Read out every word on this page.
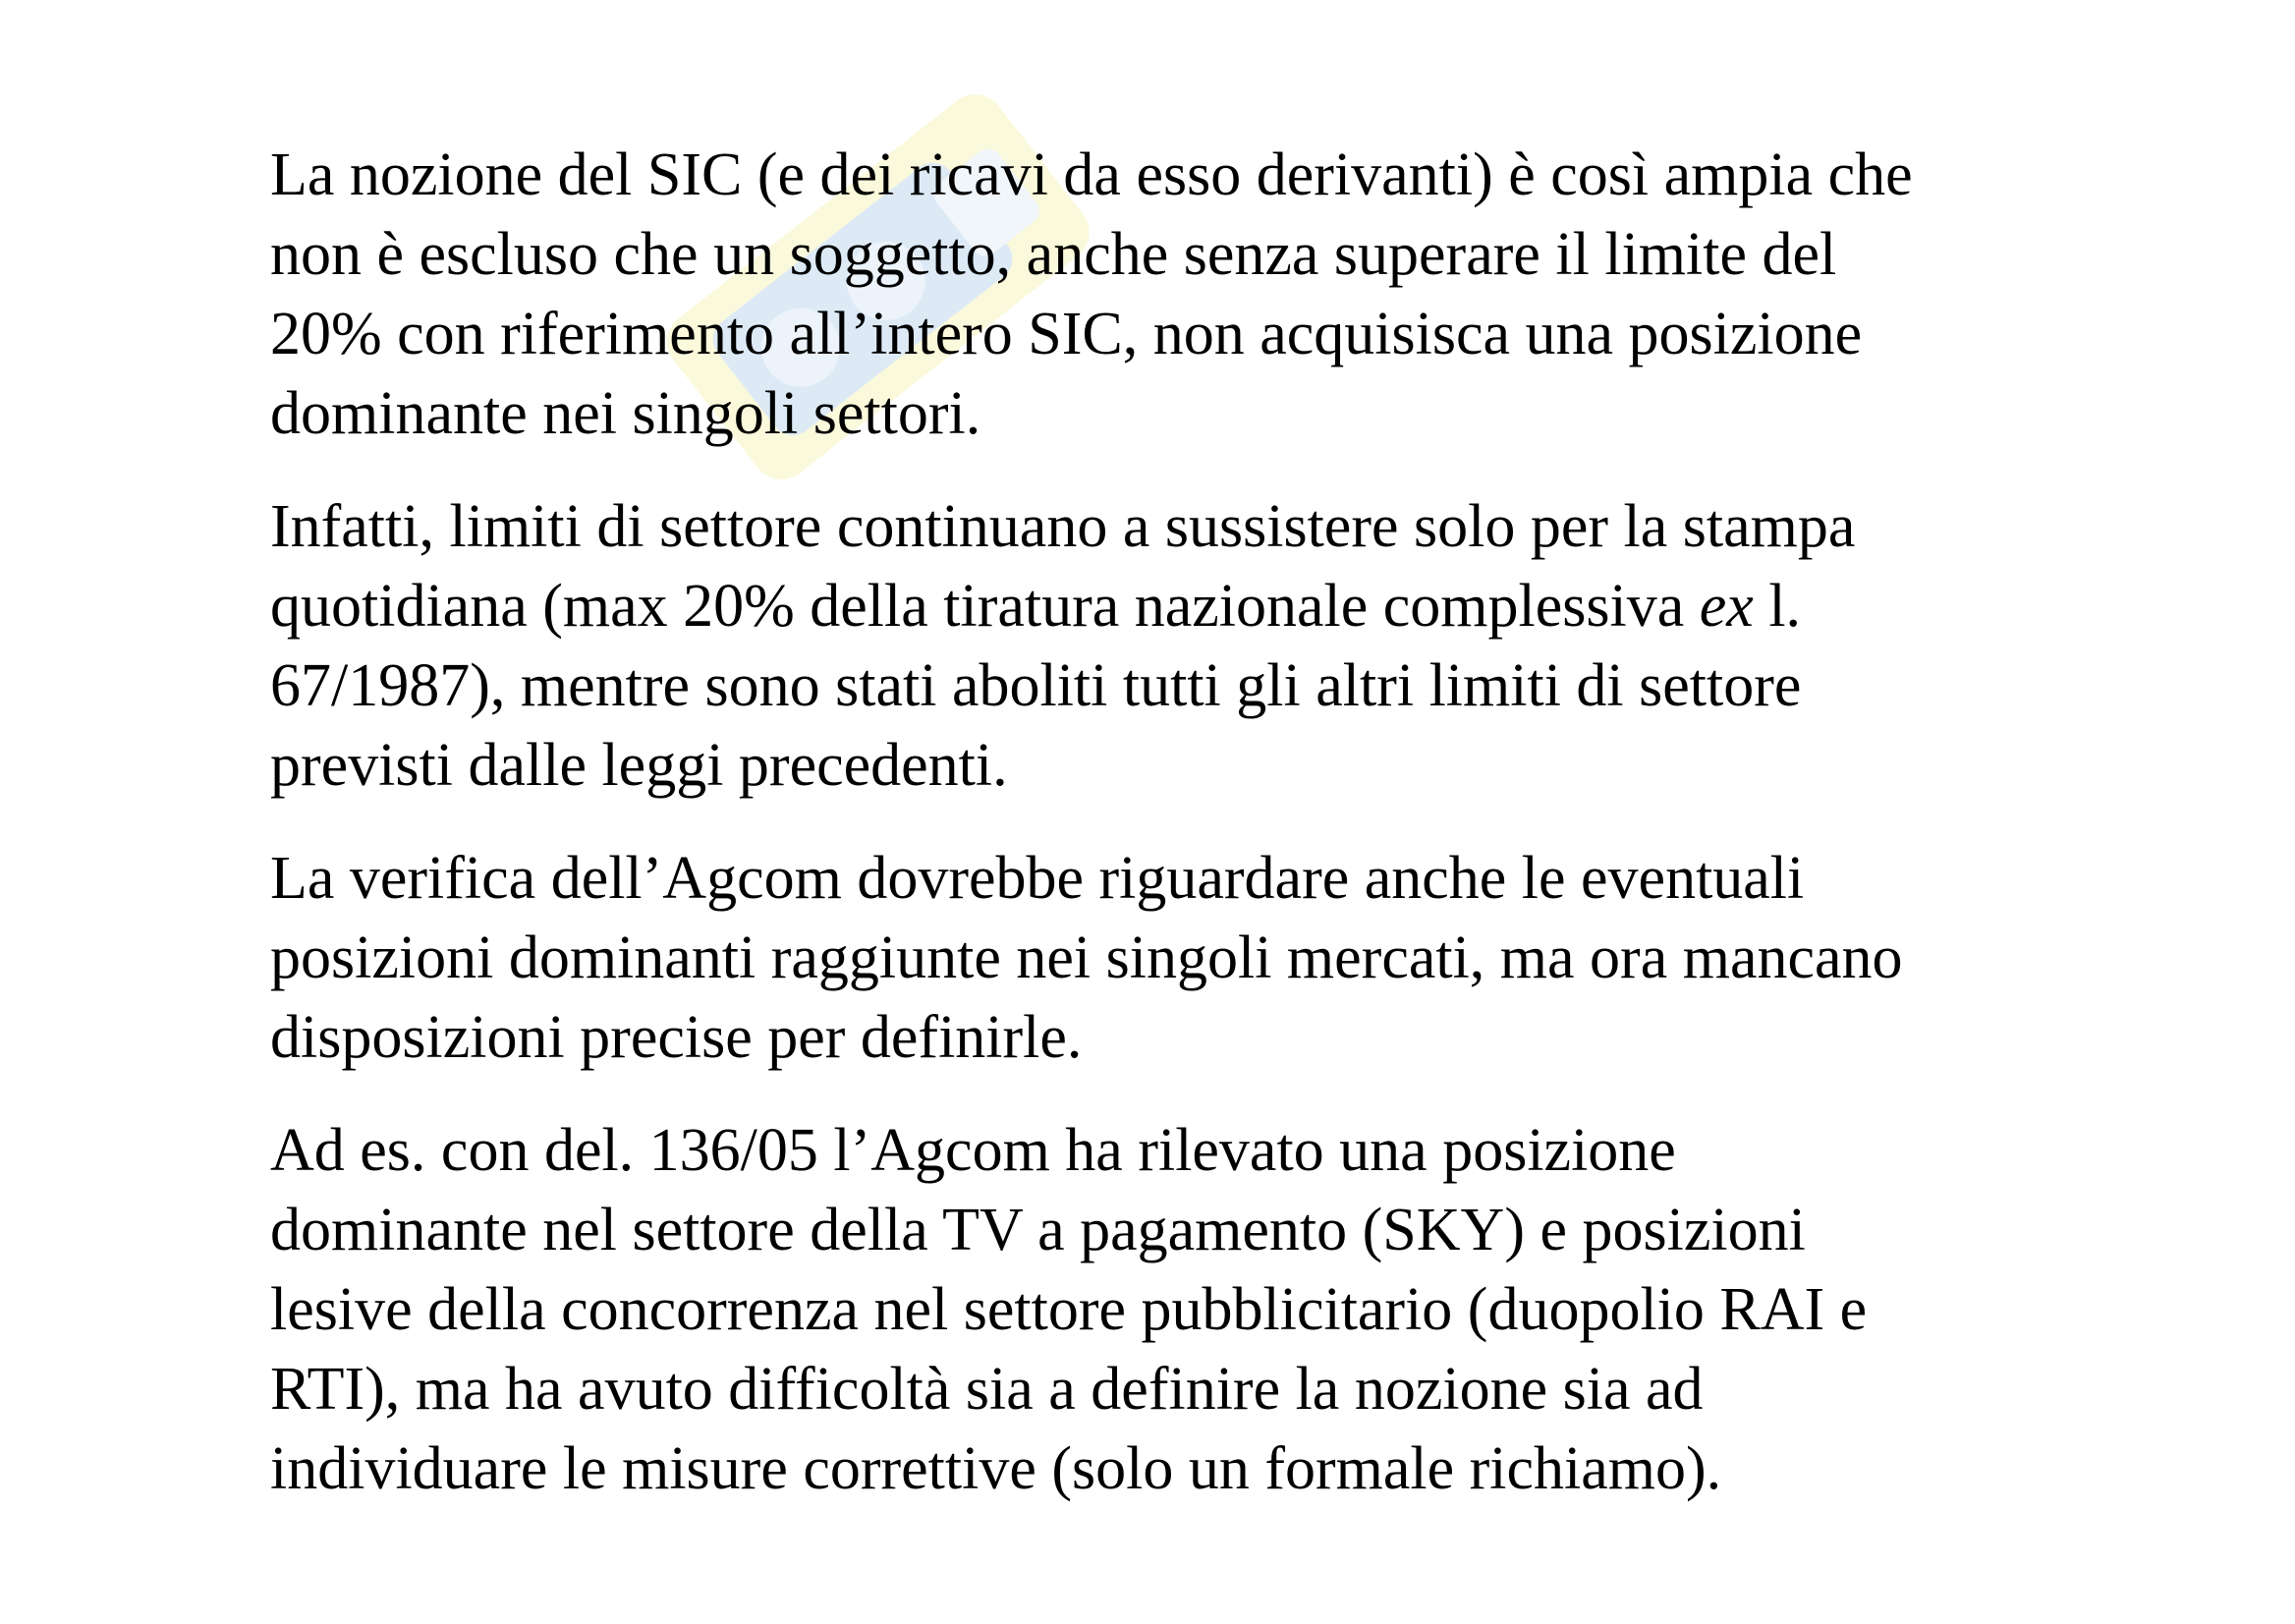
La nozione del SIC (e dei ricavi da esso derivanti) è così ampia che
non è escluso che un soggetto, anche senza superare il limite del
20% con riferimento all’intero SIC, non acquisisca una posizione
dominante nei singoli settori.

Infatti, limiti di settore continuano a sussistere solo per la stampa
quotidiana (max 20% della tiratura nazionale complessiva ex l.
67/1987), mentre sono stati aboliti tutti gli altri limiti di settore
previsti dalle leggi precedenti.

La verifica dell’Agcom dovrebbe riguardare anche le eventuali
posizioni dominanti raggiunte nei singoli mercati, ma ora mancano
disposizioni precise per definirle.

Ad es. con del. 136/05 l’Agcom ha rilevato una posizione
dominante nel settore della TV a pagamento (SKY) e posizioni
lesive della concorrenza nel settore pubblicitario (duopolio RAI e
RTI), ma ha avuto difficoltà sia a definire la nozione sia ad
individuare le misure correttive (solo un formale richiamo).
